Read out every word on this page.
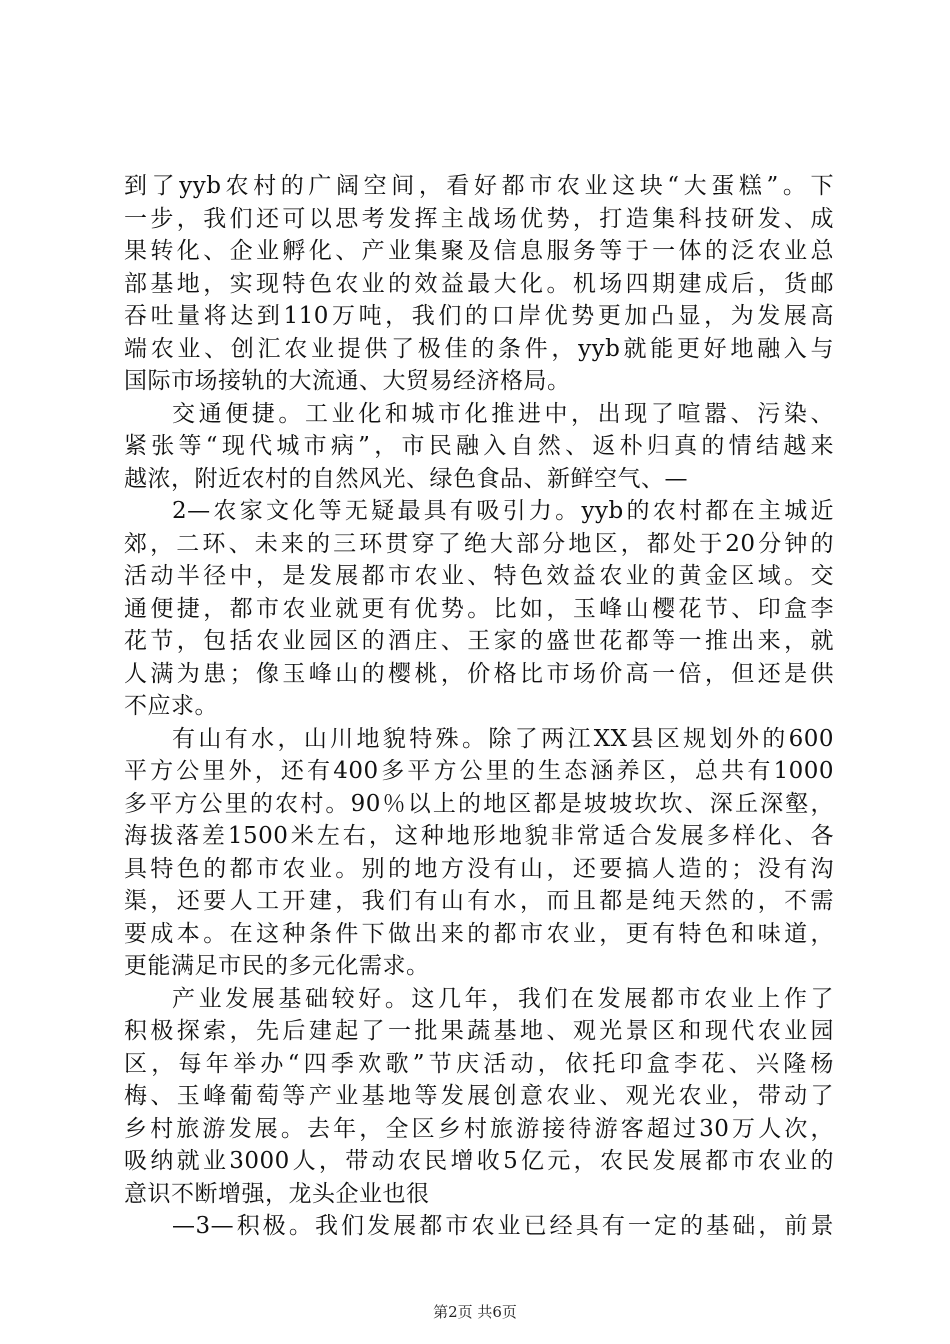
到了yyb农村的广阔空间，看好都市农业这块“大蛋糕”。下
一步，我们还可以思考发挥主战场优势，打造集科技研发、成
果转化、企业孵化、产业集聚及信息服务等于一体的泛农业总
部基地，实现特色农业的效益最大化。机场四期建成后，货邮
吞吐量将达到110万吨，我们的口岸优势更加凸显，为发展高
端农业、创汇农业提供了极佳的条件，yyb就能更好地融入与
国际市场接轨的大流通、大贸易经济格局。
交通便捷。工业化和城市化推进中，出现了喧嚣、污染、
紧张等“现代城市病”，市民融入自然、返朴归真的情结越来
越浓，附近农村的自然风光、绿色食品、新鲜空气、—
2—农家文化等无疑最具有吸引力。yyb的农村都在主城近
郊，二环、未来的三环贯穿了绝大部分地区，都处于20分钟的
活动半径中，是发展都市农业、特色效益农业的黄金区域。交
通便捷，都市农业就更有优势。比如，玉峰山樱花节、印盒李
花节，包括农业园区的酒庄、王家的盛世花都等一推出来，就
人满为患；像玉峰山的樱桃，价格比市场价高一倍，但还是供
不应求。
有山有水，山川地貌特殊。除了两江XX县区规划外的600
平方公里外，还有400多平方公里的生态涵养区，总共有1000
多平方公里的农村。90％以上的地区都是坡坡坎坎、深丘深壑，
海拔落差1500米左右，这种地形地貌非常适合发展多样化、各
具特色的都市农业。别的地方没有山，还要搞人造的；没有沟
渠，还要人工开建，我们有山有水，而且都是纯天然的，不需
要成本。在这种条件下做出来的都市农业，更有特色和味道，
更能满足市民的多元化需求。
产业发展基础较好。这几年，我们在发展都市农业上作了
积极探索，先后建起了一批果蔬基地、观光景区和现代农业园
区，每年举办“四季欢歌”节庆活动，依托印盒李花、兴隆杨
梅、玉峰葡萄等产业基地等发展创意农业、观光农业，带动了
乡村旅游发展。去年，全区乡村旅游接待游客超过30万人次，
吸纳就业3000人，带动农民增收5亿元，农民发展都市农业的
意识不断增强，龙头企业也很
—3—积极。我们发展都市农业已经具有一定的基础，前景
第2页 共6页
